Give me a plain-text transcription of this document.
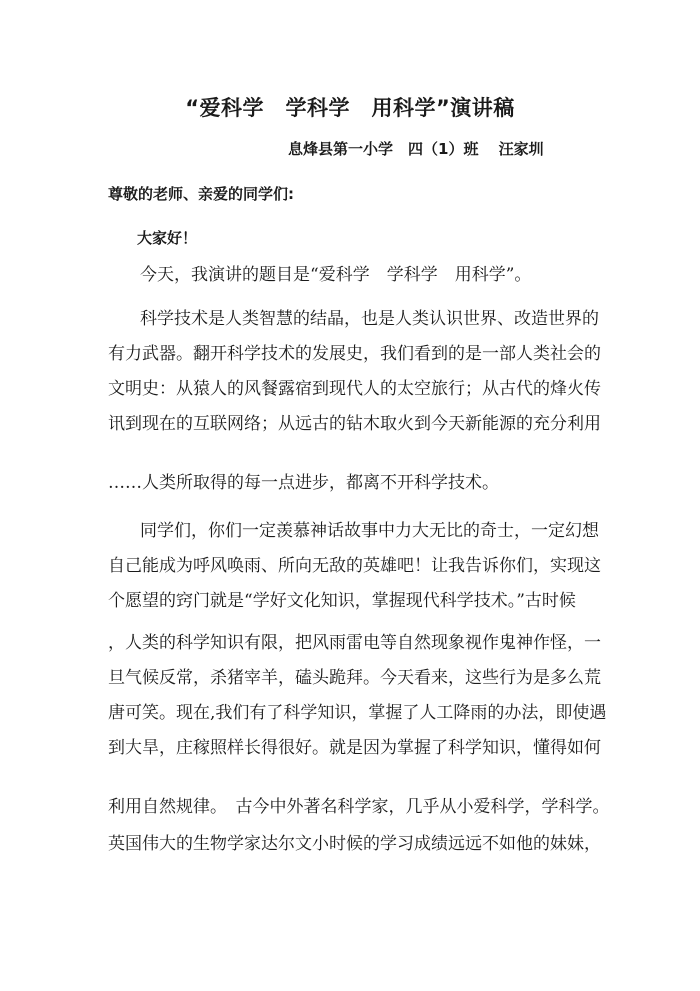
“爱科学　学科学　用科学”演讲稿
息烽县第一小学　四（1）班　 汪家圳
尊敬的老师、亲爱的同学们:
大家好！
今天，我演讲的题目是“爱科学　学科学　用科学”。
科学技术是人类智慧的结晶，也是人类认识世界、改造世界的
有力武器。翻开科学技术的发展史，我们看到的是一部人类社会的
文明史：从猿人的风餐露宿到现代人的太空旅行；从古代的烽火传
讯到现在的互联网络；从远古的钻木取火到今天新能源的充分利用
……人类所取得的每一点进步，都离不开科学技术。
同学们，你们一定羡慕神话故事中力大无比的奇士，一定幻想
自己能成为呼风唤雨、所向无敌的英雄吧！让我告诉你们，实现这
个愿望的窍门就是“学好文化知识，掌握现代科学技术。”古时候
，人类的科学知识有限，把风雨雷电等自然现象视作鬼神作怪，一
旦气候反常，杀猪宰羊，磕头跪拜。今天看来，这些行为是多么荒
唐可笑。现在,我们有了科学知识，掌握了人工降雨的办法，即使遇
到大旱，庄稼照样长得很好。就是因为掌握了科学知识，懂得如何
利用自然规律。　古今中外著名科学家，几乎从小爱科学，学科学。
英国伟大的生物学家达尔文小时候的学习成绩远远不如他的妹妹，
